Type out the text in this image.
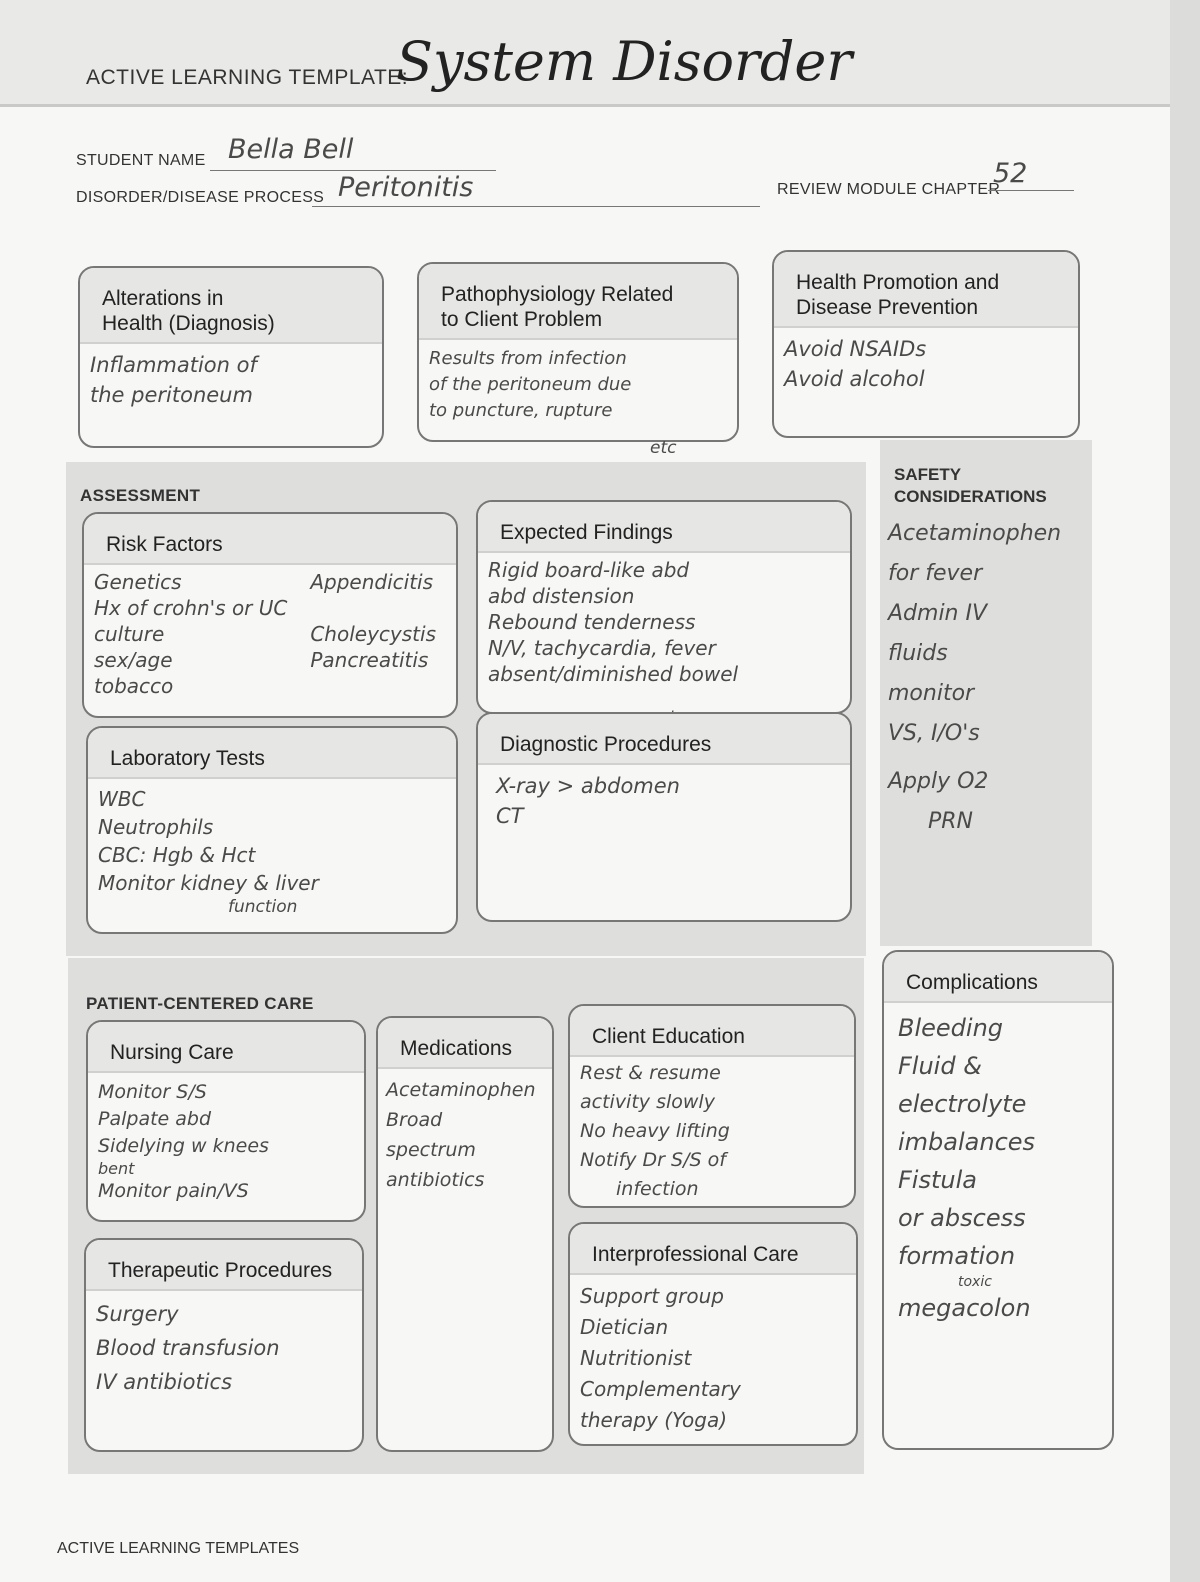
ACTIVE LEARNING TEMPLATE:
System Disorder
STUDENT NAME Bella Bell
DISORDER/DISEASE PROCESS Peritonitis	REVIEW MODULE CHAPTER
52
Alterations in
Health (Diagnosis)
Inflammation of
the peritoneum
Pathophysiology Related
to Client Problem
Results from infection
of the peritoneum due
to puncture, rupture
etc
Health Promotion and
Disease Prevention
Avoid NSAIDs
Avoid alcohol
ASSESSMENT
Risk Factors
Genetics
Hx of crohn's or UC
culture
sex/age
tobacco
Appendicitis
Choleycystis
Pancreatitis
Expected Findings
Rigid board-like abd
abd distension
Rebound tenderness
N/V, tachycardia, fever
absent/diminished bowel
Laboratory Tests
WBC
Neutrophils
CBC: Hgb & Hct
Monitor kidney & liver
function
Diagnostic Procedures
X-ray > abdomen
CT
SAFETY
CONSIDERATIONS
Acetaminophen
for fever
Admin IV
fluids
monitor
VS, I/O's
Apply O2
PRN
PATIENT-CENTERED CARE
Nursing Care
Monitor S/S
Palpate abd
Sidelying w knees
bent
Monitor pain/VS
Medications
Acetaminophen
Broad
spectrum
antibiotics
Client Education
Rest & resume
activity slowly
No heavy lifting
Notify Dr S/S of
infection
Therapeutic Procedures
Surgery
Blood transfusion
IV antibiotics
Interprofessional Care
Support group
Dietician
Nutritionist
Complementary
therapy (Yoga)
Complications
Bleeding
Fluid &
electrolyte
imbalances
Fistula
or abscess
formation
toxic
megacolon
ACTIVE LEARNING TEMPLATES
